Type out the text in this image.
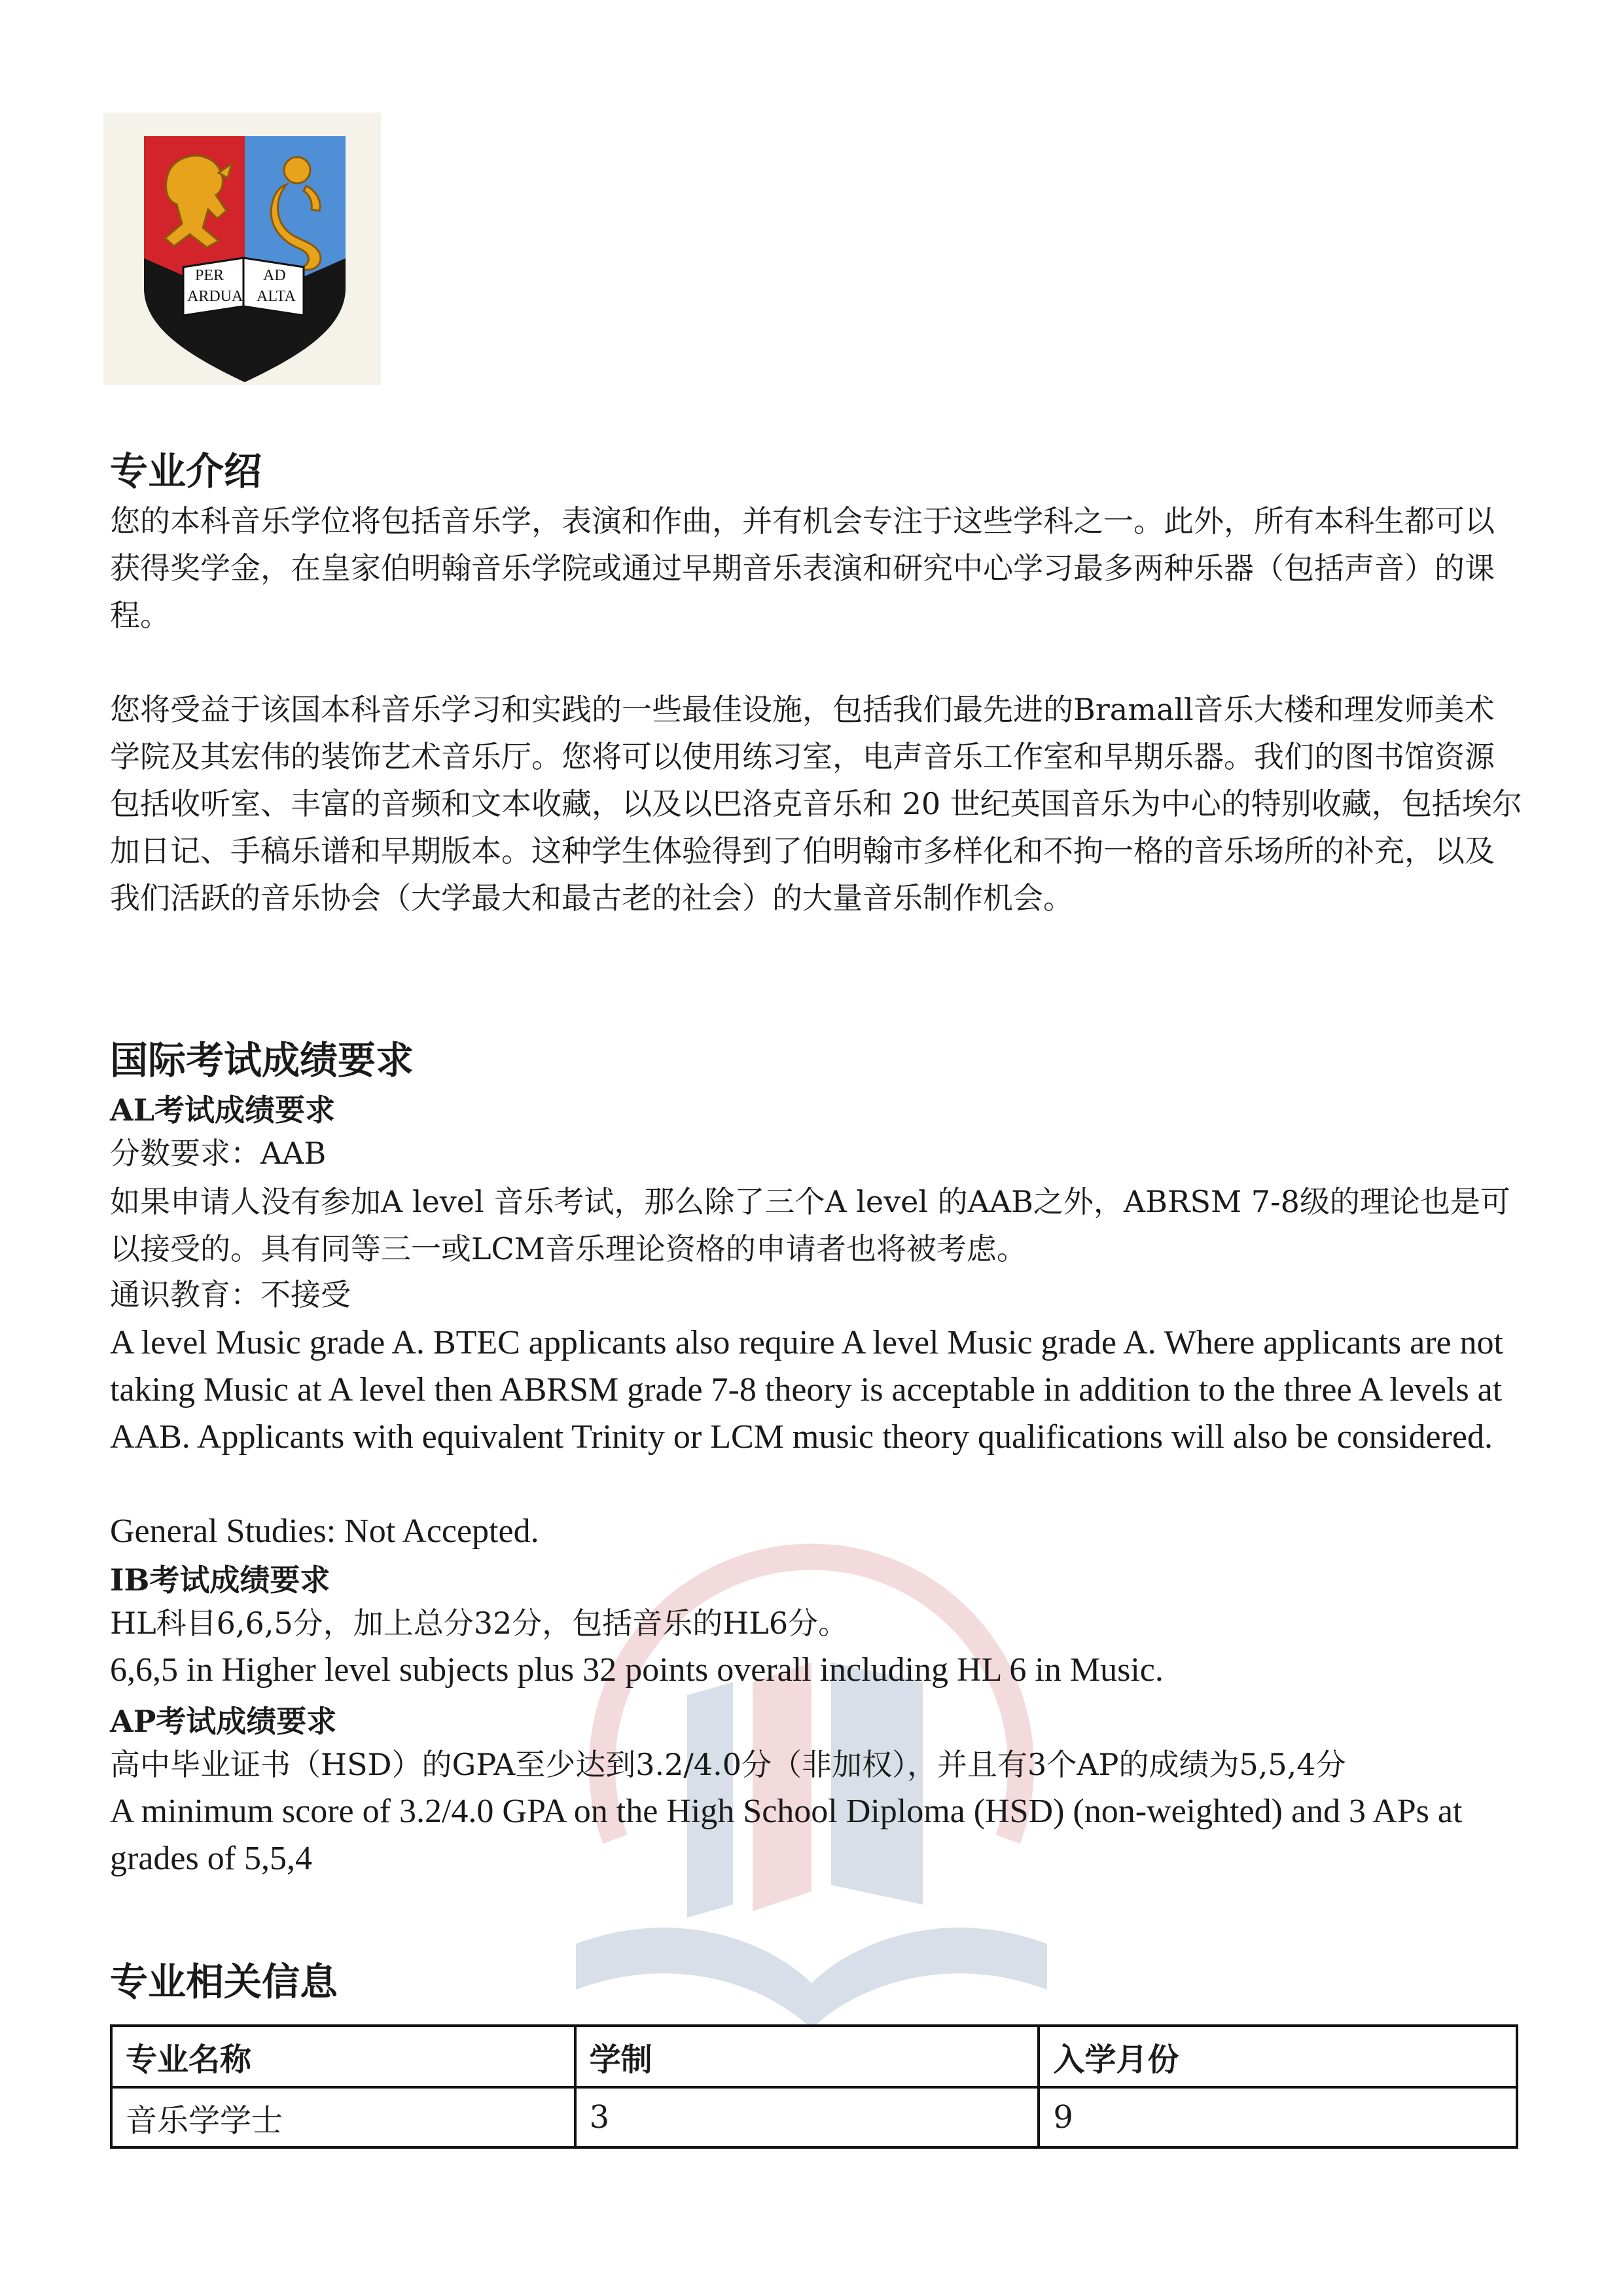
PER AD
ARDUA ALTA
专业介绍
您的本科音乐学位将包括音乐学，表演和作曲，并有机会专注于这些学科之一。此外，所有本科生都可以获得奖学金，在皇家伯明翰音乐学院或通过早期音乐表演和研究中心学习最多两种乐器（包括声音）的课程。
您将受益于该国本科音乐学习和实践的一些最佳设施，包括我们最先进的Bramall音乐大楼和理发师美术学院及其宏伟的装饰艺术音乐厅。您将可以使用练习室，电声音乐工作室和早期乐器。我们的图书馆资源包括收听室、丰富的音频和文本收藏，以及以巴洛克音乐和 20 世纪英国音乐为中心的特别收藏，包括埃尔加日记、手稿乐谱和早期版本。这种学生体验得到了伯明翰市多样化和不拘一格的音乐场所的补充，以及我们活跃的音乐协会（大学最大和最古老的社会）的大量音乐制作机会。
国际考试成绩要求
AL考试成绩要求
分数要求：AAB
如果申请人没有参加A level 音乐考试，那么除了三个A level 的AAB之外，ABRSM 7-8级的理论也是可以接受的。具有同等三一或LCM音乐理论资格的申请者也将被考虑。
通识教育：不接受
A level Music grade A. BTEC applicants also require A level Music grade A. Where applicants are not taking Music at A level then ABRSM grade 7-8 theory is acceptable in addition to the three A levels at AAB. Applicants with equivalent Trinity or LCM music theory qualifications will also be considered.
General Studies: Not Accepted.
IB考试成绩要求
HL科目6,6,5分，加上总分32分，包括音乐的HL6分。
6,6,5 in Higher level subjects plus 32 points overall including HL 6 in Music.
AP考试成绩要求
高中毕业证书（HSD）的GPA至少达到3.2/4.0分（非加权），并且有3个AP的成绩为5,5,4分
A minimum score of 3.2/4.0 GPA on the High School Diploma (HSD) (non-weighted) and 3 APs at grades of 5,5,4
专业相关信息
专业名称	学制	入学月份
音乐学学士	3	9
